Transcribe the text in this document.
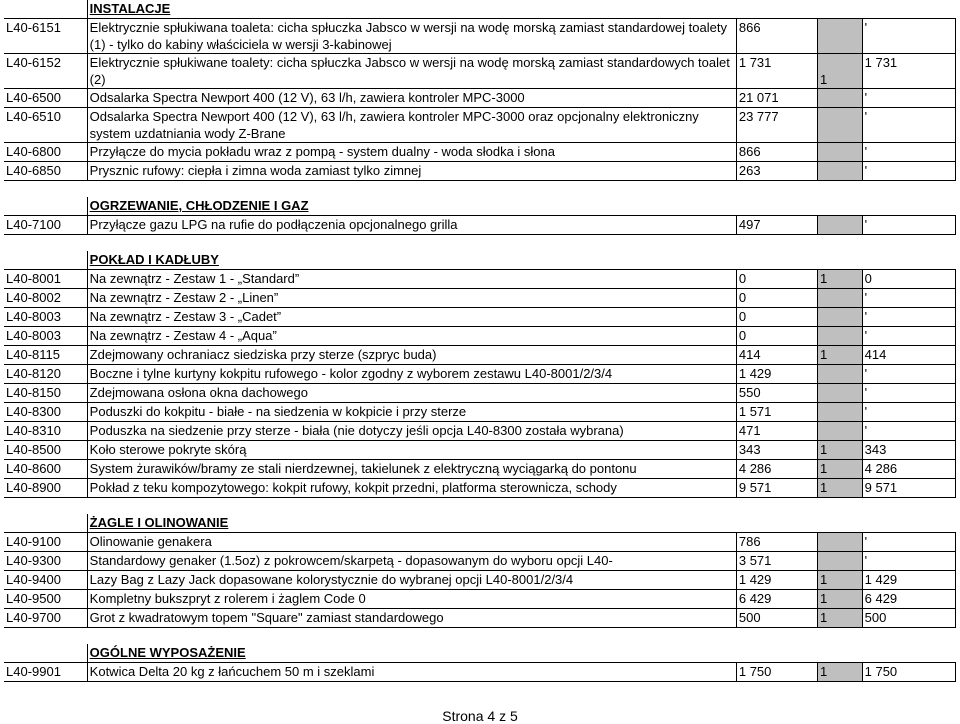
	INSTALACJE			
L40-6151	Elektrycznie spłukiwana toaleta: cicha spłuczka Jabsco w wersji na wodę morską zamiast standardowej toalety (1) - tylko do kabiny właściciela w wersji 3-kabinowej	866		'
L40-6152	Elektrycznie spłukiwane toalety: cicha spłuczka Jabsco w wersji na wodę morską zamiast standardowych toalet (2)	1 731	1	1 731
L40-6500	Odsalarka Spectra Newport 400 (12 V), 63 l/h, zawiera kontroler MPC-3000	21 071		'
L40-6510	Odsalarka Spectra Newport 400 (12 V), 63 l/h, zawiera kontroler MPC-3000 oraz opcjonalny elektroniczny system uzdatniania wody Z-Brane	23 777		'
L40-6800	Przyłącze do mycia pokładu wraz z pompą - system dualny - woda słodka i słona	866		'
L40-6850	Prysznic rufowy: ciepła i zimna woda zamiast tylko zimnej	263		'

	OGRZEWANIE, CHŁODZENIE I GAZ			
L40-7100	Przyłącze gazu LPG na rufie do podłączenia opcjonalnego grilla	497		'

	POKŁAD I KADŁUBY			
L40-8001	Na zewnątrz - Zestaw 1 - „Standard”	0	1	0
L40-8002	Na zewnątrz - Zestaw 2 - „Linen”	0		'
L40-8003	Na zewnątrz - Zestaw 3 - „Cadet”	0		'
L40-8003	Na zewnątrz - Zestaw 4 - „Aqua”	0		'
L40-8115	Zdejmowany ochraniacz siedziska przy sterze (szpryc buda)	414	1	414
L40-8120	Boczne i tylne kurtyny kokpitu rufowego - kolor zgodny z wyborem zestawu L40-8001/2/3/4	1 429		'
L40-8150	Zdejmowana osłona okna dachowego	550		'
L40-8300	Poduszki do kokpitu - białe - na siedzenia w kokpicie i przy sterze	1 571		'
L40-8310	Poduszka na siedzenie przy sterze - biała (nie dotyczy jeśli opcja L40-8300 została wybrana)	471		'
L40-8500	Koło sterowe pokryte skórą	343	1	343
L40-8600	System żurawików/bramy ze stali nierdzewnej, takielunek z elektryczną wyciągarką do pontonu	4 286	1	4 286
L40-8900	Pokład z teku kompozytowego: kokpit rufowy, kokpit przedni, platforma sterownicza, schody	9 571	1	9 571

	ŻAGLE I OLINOWANIE			
L40-9100	Olinowanie genakera	786		'
L40-9300	Standardowy genaker (1.5oz) z pokrowcem/skarpetą - dopasowanym do wyboru opcji L40-	3 571		'
L40-9400	Lazy Bag z Lazy Jack dopasowane kolorystycznie do wybranej opcji L40-8001/2/3/4	1 429	1	1 429
L40-9500	Kompletny bukszpryt z rolerem i żaglem Code 0	6 429	1	6 429
L40-9700	Grot z kwadratowym topem "Square" zamiast standardowego	500	1	500

	OGÓLNE WYPOSAŻENIE			
L40-9901	Kotwica Delta 20 kg z łańcuchem 50 m i szeklami	1 750	1	1 750
Strona 4 z 5
